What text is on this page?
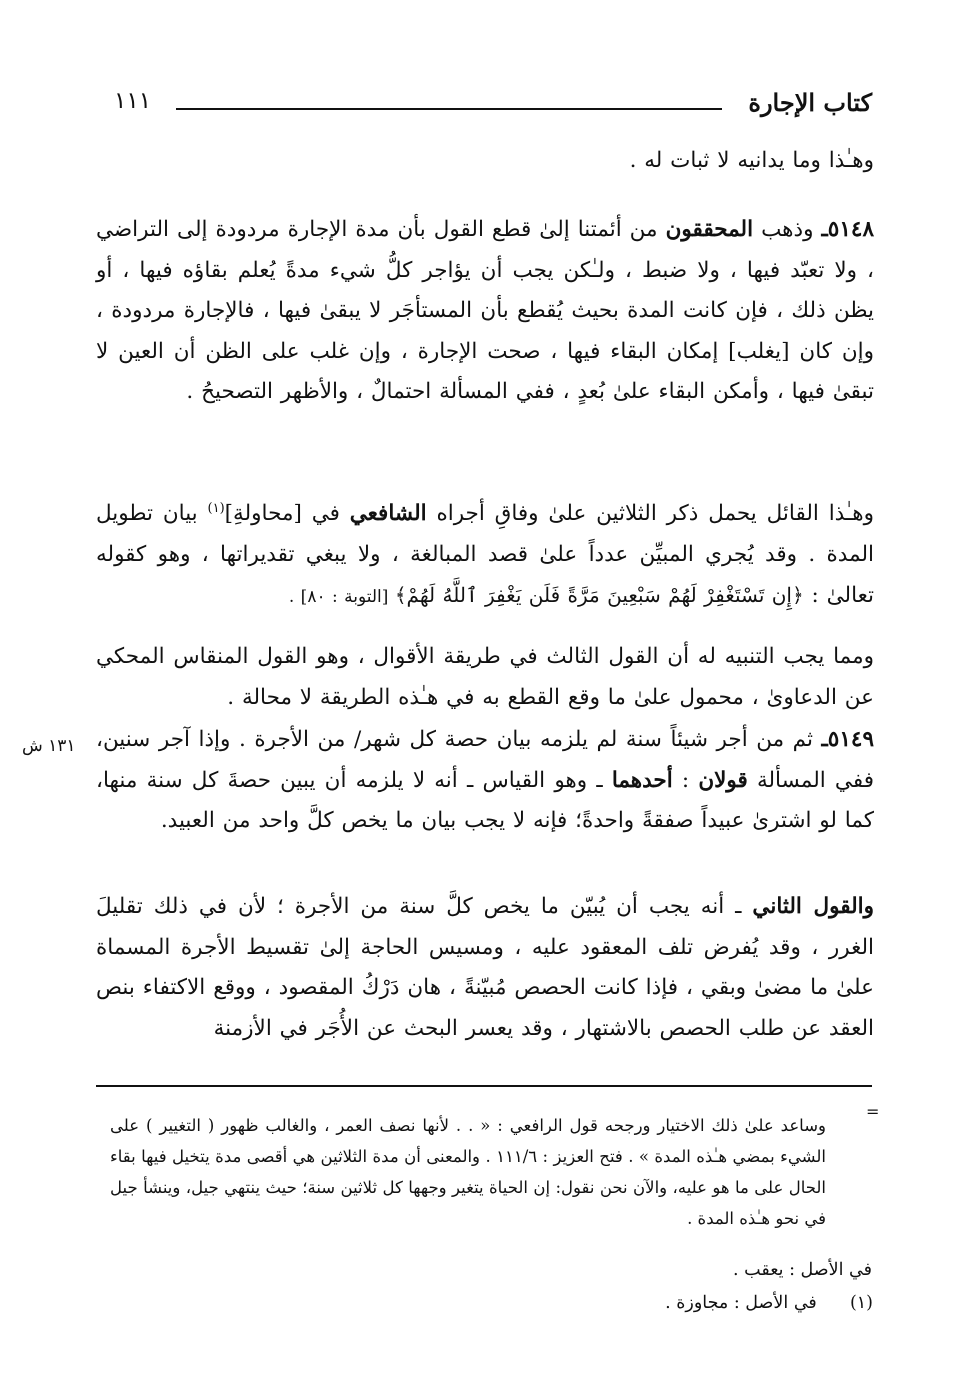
كتاب الإجارة
١١١

وهـٰذا وما يدانيه لا ثبات له .

٥١٤٨ـ وذهب المحققون من أئمتنا إلىٰ قطع القول بأن مدة الإجارة مردودة إلى التراضي ، ولا تعبّد فيها ، ولا ضبط ، ولـٰكن يجب أن يؤاجر كلُّ شيء مدةً يُعلم بقاؤه فيها ، أو يظن ذلك ، فإن كانت المدة بحيث يُقطع بأن المستأجَر لا يبقىٰ فيها ، فالإجارة مردودة ، وإن كان [يغلب] إمكان البقاء فيها ، صحت الإجارة ، وإن غلب على الظن أن العين لا تبقىٰ فيها ، وأمكن البقاء علىٰ بُعدٍ ، ففي المسألة احتمالٌ ، والأظهر التصحيحُ .

وهـٰذا القائل يحمل ذكر الثلاثين علىٰ وفاقِ أجراه الشافعي في [محاولةِ]$^{(١)}$ بيان تطويل المدة . وقد يُجري المبيِّن عدداً علىٰ قصد المبالغة ، ولا يبغي تقديراتها ، وهو كقوله تعالىٰ : ﴿إِن تَسْتَغْفِرْ لَهُمْ سَبْعِينَ مَرَّةً فَلَن يَغْفِرَ ٱللَّهُ لَهُمْ﴾ [التوبة : ٨٠] .

ومما يجب التنبيه له أن القول الثالث في طريقة الأقوال ، وهو القول المنقاس المحكي عن الدعاوىٰ ، محمول علىٰ ما وقع القطع به في هـٰذه الطريقة لا محالة .

٥١٤٩ـ ثم من أجر شيئاً سنة لم يلزمه بيان حصة كل شهر/ من الأجرة . وإذا آجر سنين، ففي المسألة قولان : أحدهما ـ وهو القياس ـ أنه لا يلزمه أن يبين حصةَ كل سنة منها، كما لو اشترىٰ عبيداً صفقةً واحدةً؛ فإنه لا يجب بيان ما يخص كلَّ واحد من العبيد.

١٣١ ش

والقول الثاني ـ أنه يجب أن يُبيّن ما يخص كلَّ سنة من الأجرة ؛ لأن في ذلك تقليلَ الغرر ، وقد يُفرض تلف المعقود عليه ، ومسيس الحاجة إلىٰ تقسيط الأجرة المسماة علىٰ ما مضىٰ وبقي ، فإذا كانت الحصص مُبيّنةً ، هان دَرْكُ المقصود ، ووقع الاكتفاء بنص العقد عن طلب الحصص بالاشتهار ، وقد يعسر البحث عن الأُجَر في الأزمنة

=

وساعد علىٰ ذلك الاختيار ورجحه قول الرافعي : « . . لأنها نصف العمر ، والغالب ظهور ( التغيير ) على الشيء بمضي هـٰذه المدة » . فتح العزيز : ١١١/٦ . والمعنى أن مدة الثلاثين هي أقصى مدة يتخيل فيها بقاء الحال على ما هو عليه، والآن نحن نقول: إن الحياة يتغير وجهها كل ثلاثين سنة؛ حيث ينتهي جيل، وينشأ جيل في نحو هـٰذه المدة .

في الأصل : يعقب .
(١)  في الأصل : مجاوزة .
